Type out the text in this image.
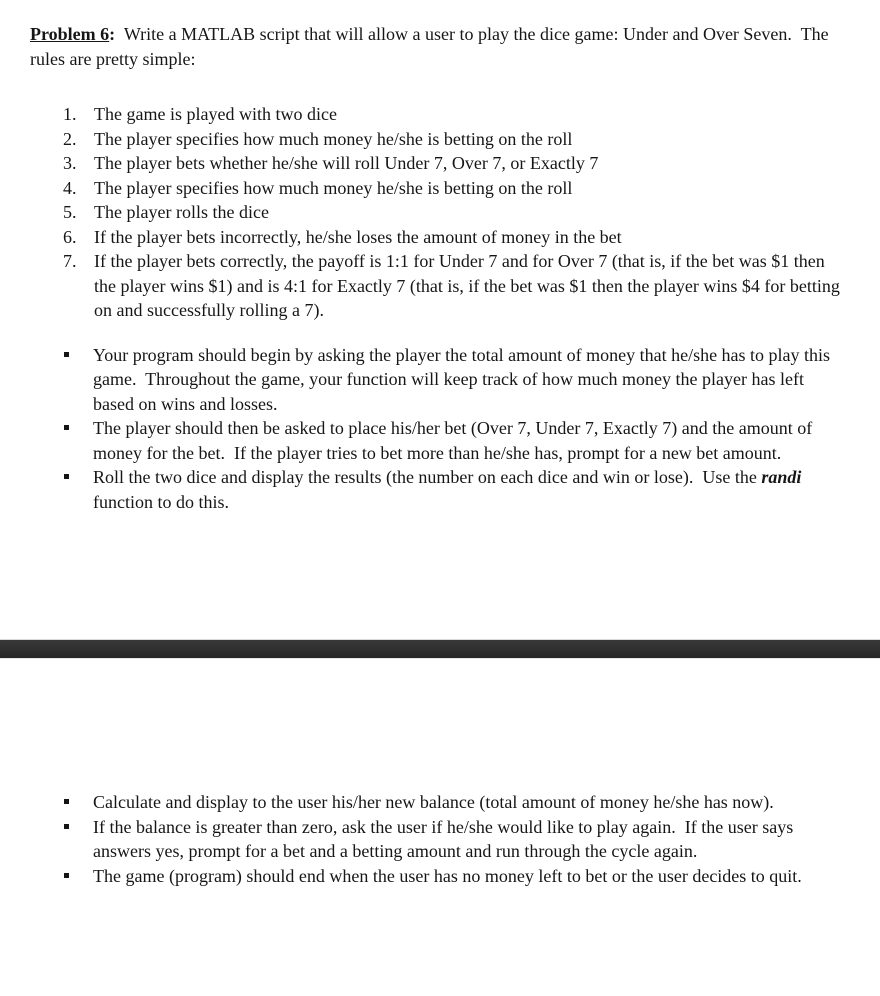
Problem 6:  Write a MATLAB script that will allow a user to play the dice game: Under and Over Seven.  The rules are pretty simple:

1. The game is played with two dice
2. The player specifies how much money he/she is betting on the roll
3. The player bets whether he/she will roll Under 7, Over 7, or Exactly 7
4. The player specifies how much money he/she is betting on the roll
5. The player rolls the dice
6. If the player bets incorrectly, he/she loses the amount of money in the bet
7. If the player bets correctly, the payoff is 1:1 for Under 7 and for Over 7 (that is, if the bet was $1 then the player wins $1) and is 4:1 for Exactly 7 (that is, if the bet was $1 then the player wins $4 for betting on and successfully rolling a 7).
Your program should begin by asking the player the total amount of money that he/she has to play this game.  Throughout the game, your function will keep track of how much money the player has left based on wins and losses.
The player should then be asked to place his/her bet (Over 7, Under 7, Exactly 7) and the amount of money for the bet.  If the player tries to bet more than he/she has, prompt for a new bet amount.
Roll the two dice and display the results (the number on each dice and win or lose).  Use the randi function to do this.
Calculate and display to the user his/her new balance (total amount of money he/she has now).
If the balance is greater than zero, ask the user if he/she would like to play again.  If the user says answers yes, prompt for a bet and a betting amount and run through the cycle again.
The game (program) should end when the user has no money left to bet or the user decides to quit.
